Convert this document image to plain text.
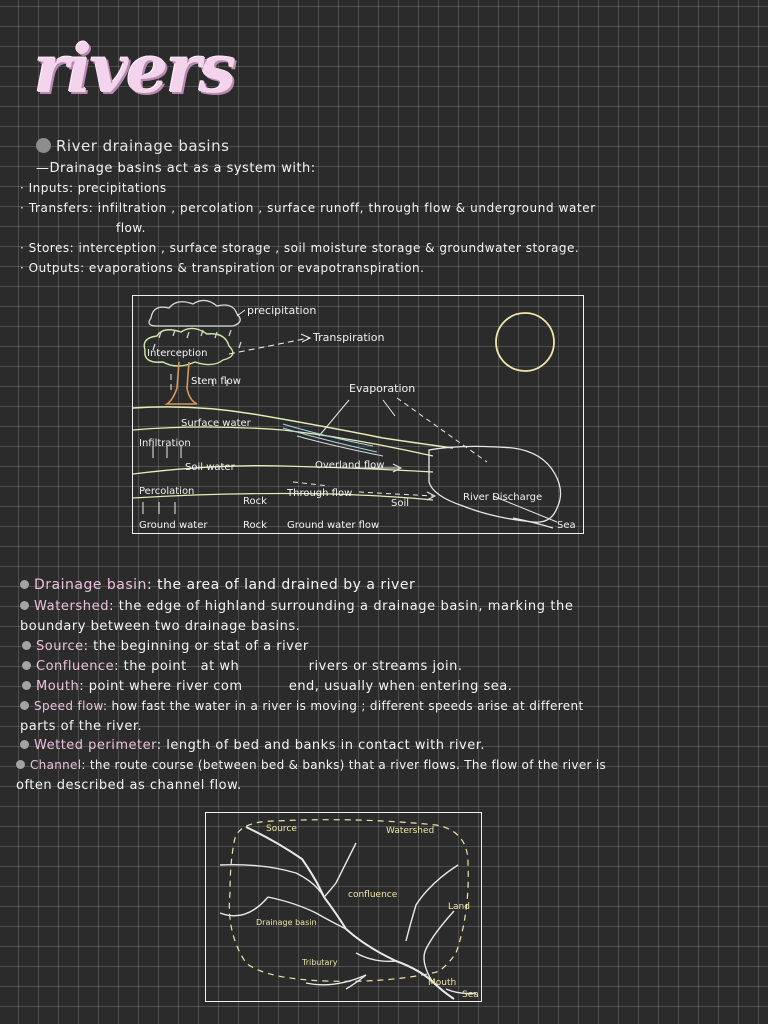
rivers
River drainage basins
—Drainage basins act as a system with:
· Inputs: precipitations
· Transfers: infiltration , percolation , surface runoff, through flow & underground water
flow.
· Stores: interception , surface storage , soil moisture storage & groundwater storage.
· Outputs: evaporations & transpiration or evapotranspiration.
precipitation
Transpiration
Interception
Stem flow
Evaporation
Surface water
Infiltration
Soil water	Overland flow
Percolation	Through flow
Soil
River Discharge
Rock
Rock
Ground water	Ground water flow	Sea
Drainage basin: the area of land drained by a river
Watershed: the edge of highland surrounding a drainage basin, marking the
boundary between two drainage basins.
Source: the beginning or stat of a river
Confluence: the point   at wh               rivers or streams join.
Mouth: point where river com          end, usually when entering sea.
Speed flow: how fast the water in a river is moving ; different speeds arise at different
parts of the river.
Wetted perimeter: length of bed and banks in contact with river.
Channel: the route course (between bed & banks) that a river flows. The flow of the river is
often described as channel flow.
Source	Watershed
confluence
Drainage basin
Land
Tributary
Mouth
Sea
